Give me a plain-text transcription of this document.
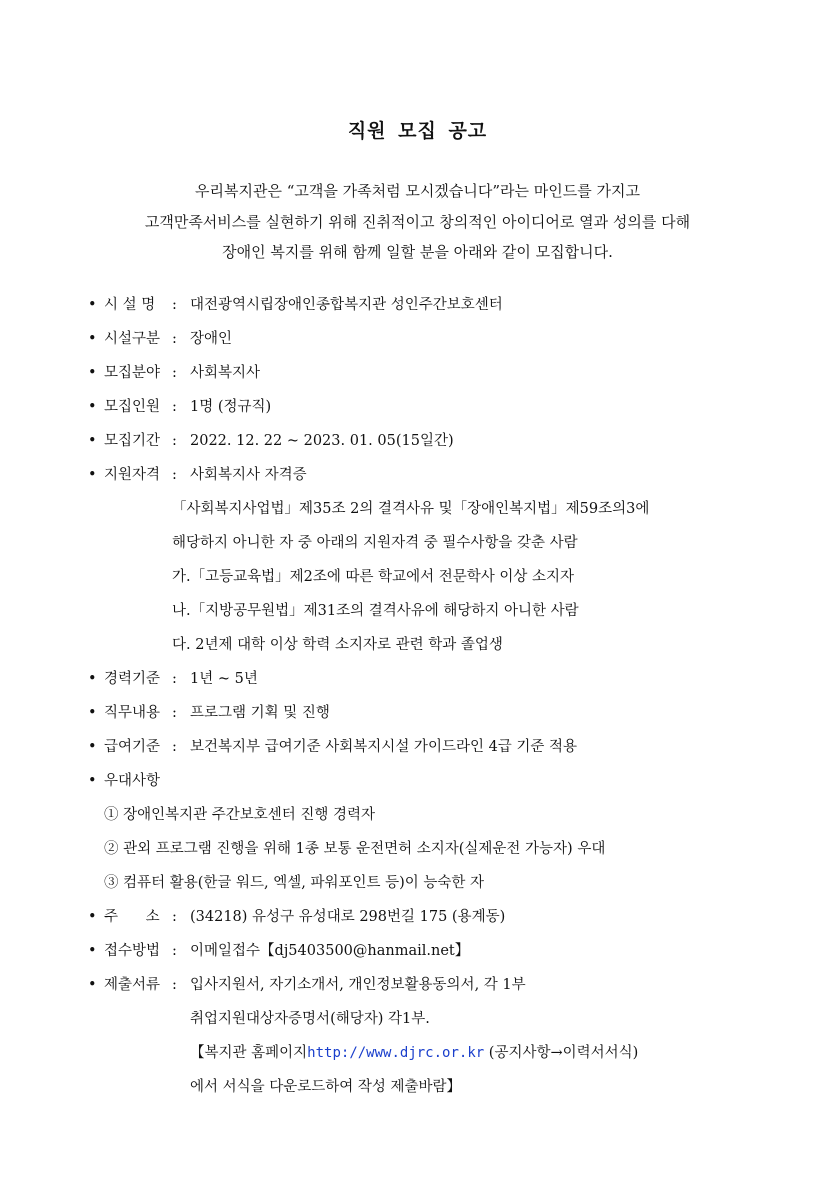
직원 모집 공고
우리복지관은 “고객을 가족처럼 모시겠습니다”라는 마인드를 가지고
고객만족서비스를 실현하기 위해 진취적이고 창의적인 아이디어로 열과 성의를 다해
장애인 복지를 위해 함께 일할 분을 아래와 같이 모집합니다.
• 시 설 명 : 대전광역시립장애인종합복지관 성인주간보호센터
• 시설구분 : 장애인
• 모집분야 : 사회복지사
• 모집인원 : 1명 (정규직)
• 모집기간 : 2022. 12. 22 ~ 2023. 01. 05(15일간)
• 지원자격 : 사회복지사 자격증
「사회복지사업법」제35조 2의 결격사유 및「장애인복지법」제59조의3에
해당하지 아니한 자 중 아래의 지원자격 중 필수사항을 갖춘 사람
가.「고등교육법」제2조에 따른 학교에서 전문학사 이상 소지자
나.「지방공무원법」제31조의 결격사유에 해당하지 아니한 사람
다. 2년제 대학 이상 학력 소지자로 관련 학과 졸업생
• 경력기준 : 1년 ~ 5년
• 직무내용 : 프로그램 기획 및 진행
• 급여기준 : 보건복지부 급여기준 사회복지시설 가이드라인 4급 기준 적용
• 우대사항
① 장애인복지관 주간보호센터 진행 경력자
② 관외 프로그램 진행을 위해 1종 보통 운전면허 소지자(실제운전 가능자) 우대
③ 컴퓨터 활용(한글 워드, 엑셀, 파워포인트 등)이 능숙한 자
• 주      소 : (34218) 유성구 유성대로 298번길 175 (용계동)
• 접수방법 : 이메일접수【dj5403500@hanmail.net】
• 제출서류 : 입사지원서, 자기소개서, 개인정보활용동의서, 각 1부
취업지원대상자증명서(해당자) 각1부.
【복지관 홈페이지http://www.djrc.or.kr (공지사항→이력서서식)
에서 서식을 다운로드하여 작성 제출바람】
